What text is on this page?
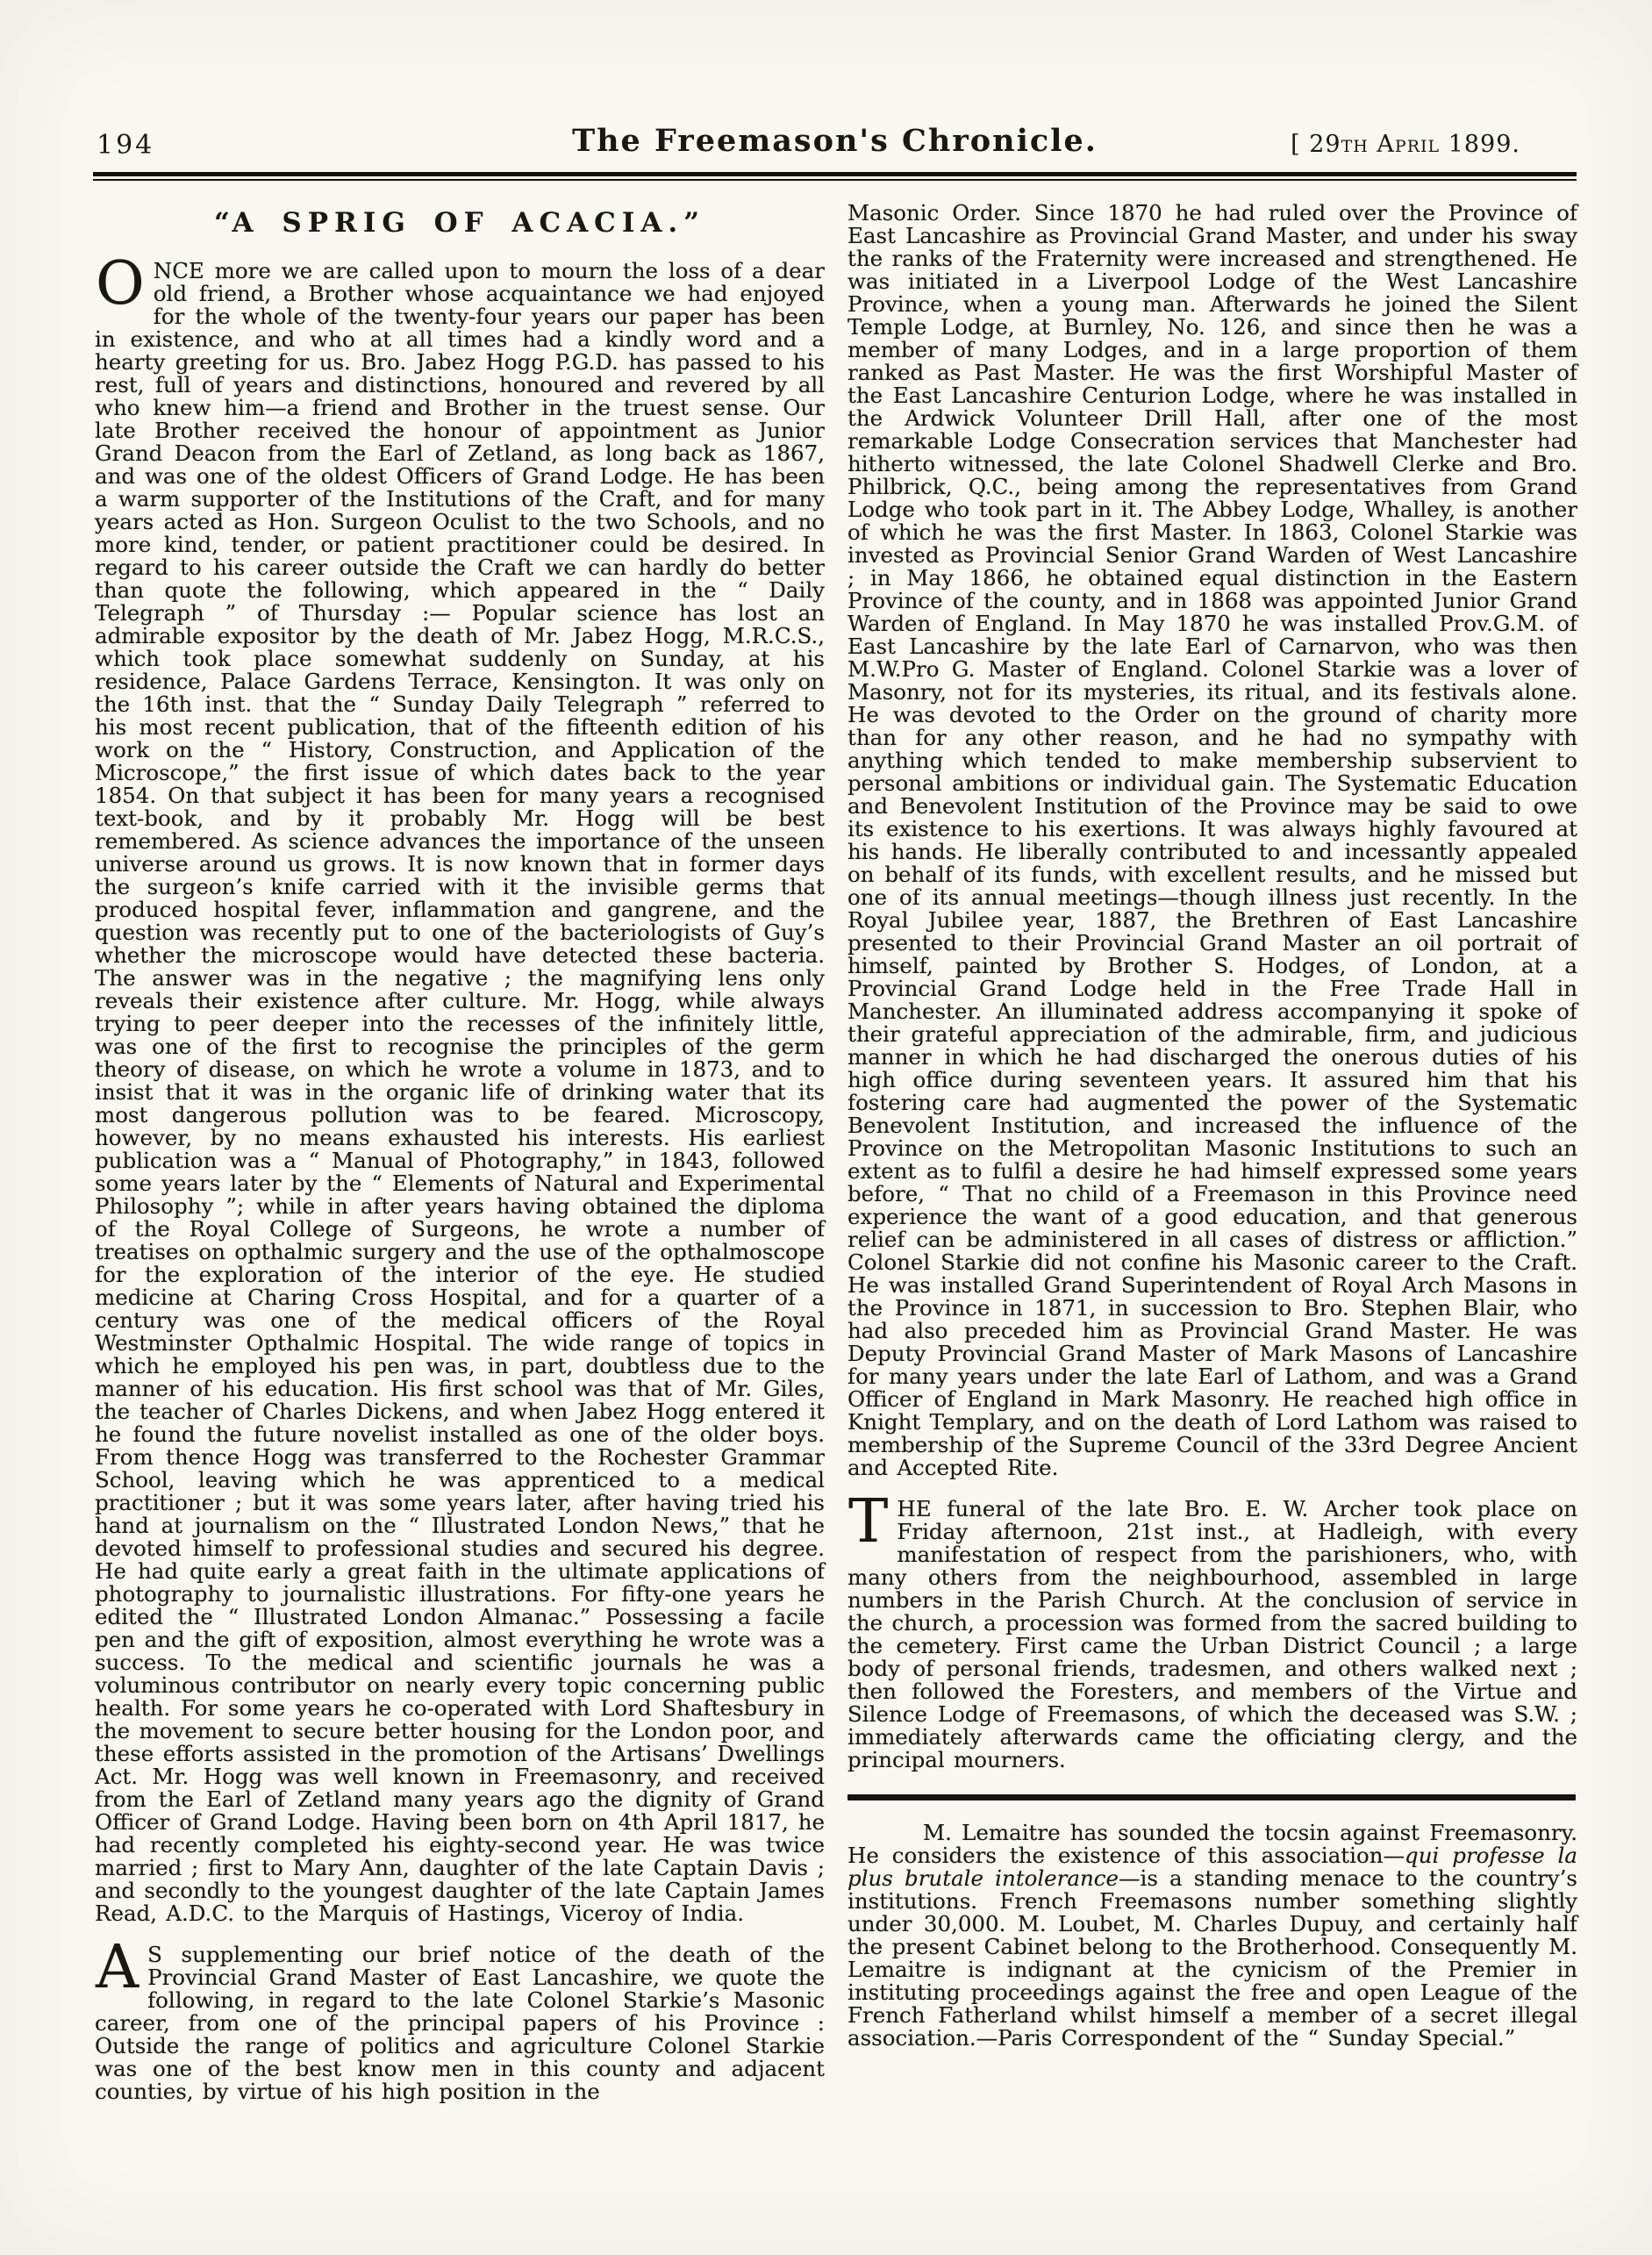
194	The Freemason's Chronicle.	[ 29th April 1899.
“A SPRIG OF ACACIA.”

ONCE more we are called upon to mourn the loss of a dear old friend, a Brother whose acquaintance we had enjoyed for the whole of the twenty-four years our paper has been in existence, and who at all times had a kindly word and a hearty greeting for us. Bro. Jabez Hogg P.G.D. has passed to his rest, full of years and distinctions, honoured and revered by all who knew him—a friend and Brother in the truest sense. Our late Brother received the honour of appointment as Junior Grand Deacon from the Earl of Zetland, as long back as 1867, and was one of the oldest Officers of Grand Lodge. He has been a warm supporter of the Institutions of the Craft, and for many years acted as Hon. Surgeon Oculist to the two Schools, and no more kind, tender, or patient practitioner could be desired. In regard to his career outside the Craft we can hardly do better than quote the following, which appeared in the “ Daily Telegraph ” of Thursday :— Popular science has lost an admirable expositor by the death of Mr. Jabez Hogg, M.R.C.S., which took place somewhat suddenly on Sunday, at his residence, Palace Gardens Terrace, Kensington. It was only on the 16th inst. that the “ Sunday Daily Telegraph ” referred to his most recent publication, that of the fifteenth edition of his work on the “ History, Construction, and Application of the Microscope,” the first issue of which dates back to the year 1854. On that subject it has been for many years a recognised text-book, and by it probably Mr. Hogg will be best remembered. As science advances the importance of the unseen universe around us grows. It is now known that in former days the surgeon’s knife carried with it the invisible germs that produced hospital fever, inflammation and gangrene, and the question was recently put to one of the bacteriologists of Guy’s whether the microscope would have detected these bacteria. The answer was in the negative ; the magnifying lens only reveals their existence after culture. Mr. Hogg, while always trying to peer deeper into the recesses of the infinitely little, was one of the first to recognise the principles of the germ theory of disease, on which he wrote a volume in 1873, and to insist that it was in the organic life of drinking water that its most dangerous pollution was to be feared. Microscopy, however, by no means exhausted his interests. His earliest publication was a “ Manual of Photography,” in 1843, followed some years later by the “ Elements of Natural and Experimental Philosophy ”; while in after years having obtained the diploma of the Royal College of Surgeons, he wrote a number of treatises on opthalmic surgery and the use of the opthalmoscope for the exploration of the interior of the eye. He studied medicine at Charing Cross Hospital, and for a quarter of a century was one of the medical officers of the Royal Westminster Opthalmic Hospital. The wide range of topics in which he employed his pen was, in part, doubtless due to the manner of his education. His first school was that of Mr. Giles, the teacher of Charles Dickens, and when Jabez Hogg entered it he found the future novelist installed as one of the older boys. From thence Hogg was transferred to the Rochester Grammar School, leaving which he was apprenticed to a medical practitioner ; but it was some years later, after having tried his hand at journalism on the “ Illustrated London News,” that he devoted himself to professional studies and secured his degree. He had quite early a great faith in the ultimate applications of photography to journalistic illustrations. For fifty-one years he edited the “ Illustrated London Almanac.” Possessing a facile pen and the gift of exposition, almost everything he wrote was a success. To the medical and scientific journals he was a voluminous contributor on nearly every topic concerning public health. For some years he co-operated with Lord Shaftesbury in the movement to secure better housing for the London poor, and these efforts assisted in the promotion of the Artisans’ Dwellings Act. Mr. Hogg was well known in Freemasonry, and received from the Earl of Zetland many years ago the dignity of Grand Officer of Grand Lodge. Having been born on 4th April 1817, he had recently completed his eighty-second year. He was twice married ; first to Mary Ann, daughter of the late Captain Davis ; and secondly to the youngest daughter of the late Captain James Read, A.D.C. to the Marquis of Hastings, Viceroy of India.

A S supplementing our brief notice of the death of the Provincial Grand Master of East Lancashire, we quote the following, in regard to the late Colonel Starkie’s Masonic career, from one of the principal papers of his Province : Outside the range of politics and agriculture Colonel Starkie was one of the best know men in this county and adjacent counties, by virtue of his high position in the

Masonic Order. Since 1870 he had ruled over the Province of East Lancashire as Provincial Grand Master, and under his sway the ranks of the Fraternity were increased and strengthened. He was initiated in a Liverpool Lodge of the West Lancashire Province, when a young man. Afterwards he joined the Silent Temple Lodge, at Burnley, No. 126, and since then he was a member of many Lodges, and in a large proportion of them ranked as Past Master. He was the first Worshipful Master of the East Lancashire Centurion Lodge, where he was installed in the Ardwick Volunteer Drill Hall, after one of the most remarkable Lodge Consecration services that Manchester had hitherto witnessed, the late Colonel Shadwell Clerke and Bro. Philbrick, Q.C., being among the representatives from Grand Lodge who took part in it. The Abbey Lodge, Whalley, is another of which he was the first Master. In 1863, Colonel Starkie was invested as Provincial Senior Grand Warden of West Lancashire ; in May 1866, he obtained equal distinction in the Eastern Province of the county, and in 1868 was appointed Junior Grand Warden of England. In May 1870 he was installed Prov.G.M. of East Lancashire by the late Earl of Carnarvon, who was then M.W.Pro G. Master of England. Colonel Starkie was a lover of Masonry, not for its mysteries, its ritual, and its festivals alone. He was devoted to the Order on the ground of charity more than for any other reason, and he had no sympathy with anything which tended to make membership subservient to personal ambitions or individual gain. The Systematic Education and Benevolent Institution of the Province may be said to owe its existence to his exertions. It was always highly favoured at his hands. He liberally contributed to and incessantly appealed on behalf of its funds, with excellent results, and he missed but one of its annual meetings—though illness just recently. In the Royal Jubilee year, 1887, the Brethren of East Lancashire presented to their Provincial Grand Master an oil portrait of himself, painted by Brother S. Hodges, of London, at a Provincial Grand Lodge held in the Free Trade Hall in Manchester. An illuminated address accompanying it spoke of their grateful appreciation of the admirable, firm, and judicious manner in which he had discharged the onerous duties of his high office during seventeen years. It assured him that his fostering care had augmented the power of the Systematic Benevolent Institution, and increased the influence of the Province on the Metropolitan Masonic Institutions to such an extent as to fulfil a desire he had himself expressed some years before, “ That no child of a Freemason in this Province need experience the want of a good education, and that generous relief can be administered in all cases of distress or affliction.” Colonel Starkie did not confine his Masonic career to the Craft. He was installed Grand Superintendent of Royal Arch Masons in the Province in 1871, in succession to Bro. Stephen Blair, who had also preceded him as Provincial Grand Master. He was Deputy Provincial Grand Master of Mark Masons of Lancashire for many years under the late Earl of Lathom, and was a Grand Officer of England in Mark Masonry. He reached high office in Knight Templary, and on the death of Lord Lathom was raised to membership of the Supreme Council of the 33rd Degree Ancient and Accepted Rite.

THE funeral of the late Bro. E. W. Archer took place on Friday afternoon, 21st inst., at Hadleigh, with every manifestation of respect from the parishioners, who, with many others from the neighbourhood, assembled in large numbers in the Parish Church. At the conclusion of service in the church, a procession was formed from the sacred building to the cemetery. First came the Urban District Council ; a large body of personal friends, tradesmen, and others walked next ; then followed the Foresters, and members of the Virtue and Silence Lodge of Freemasons, of which the deceased was S.W. ; immediately afterwards came the officiating clergy, and the principal mourners.

M. Lemaitre has sounded the tocsin against Freemasonry. He considers the existence of this association—qui professe la plus brutale intolerance—is a standing menace to the country’s institutions. French Freemasons number something slightly under 30,000. M. Loubet, M. Charles Dupuy, and certainly half the present Cabinet belong to the Brotherhood. Consequently M. Lemaitre is indignant at the cynicism of the Premier in instituting proceedings against the free and open League of the French Fatherland whilst himself a member of a secret illegal association.—Paris Correspondent of the “ Sunday Special.”
